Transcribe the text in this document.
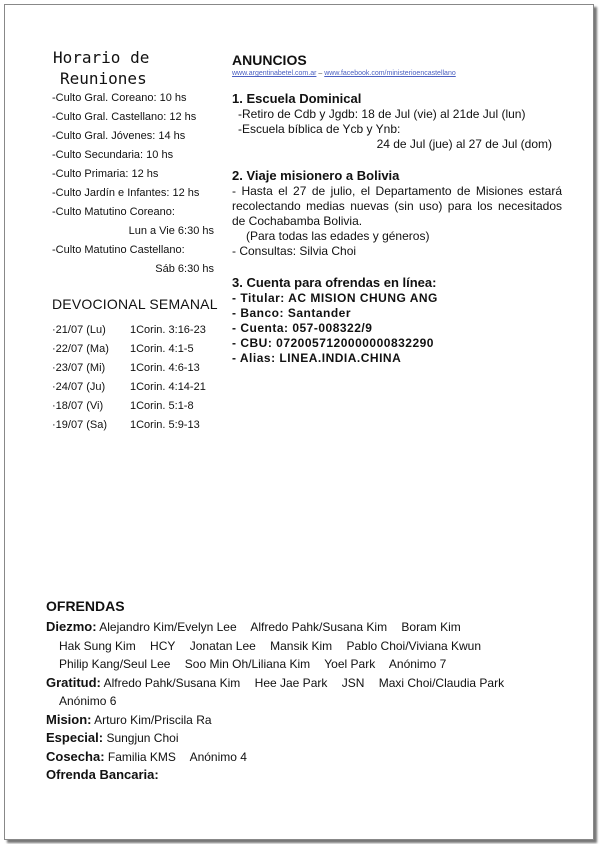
Horario de
Reuniones
-Culto Gral. Coreano: 10 hs
-Culto Gral. Castellano: 12 hs
-Culto Gral. Jóvenes: 14 hs
-Culto Secundaria: 10 hs
-Culto Primaria: 12 hs
-Culto Jardín e Infantes: 12 hs
-Culto Matutino Coreano:
Lun a Vie 6:30 hs
-Culto Matutino Castellano:
Sáb 6:30 hs
DEVOCIONAL SEMANAL
·21/07 (Lu) 1Corin. 3:16-23
·22/07 (Ma) 1Corin. 4:1-5
·23/07 (Mi) 1Corin. 4:6-13
·24/07 (Ju) 1Corin. 4:14-21
·18/07 (Vi) 1Corin. 5:1-8
·19/07 (Sa) 1Corin. 5:9-13
ANUNCIOS
www.argentinabetel.com.ar – www.facebook.com/ministerioencastellano
1. Escuela Dominical
-Retiro de Cdb y Jgdb: 18 de Jul (vie) al 21de Jul (lun)
-Escuela bíblica de Ycb y Ynb:
24 de Jul (jue) al 27 de Jul (dom)
2. Viaje misionero a Bolivia
- Hasta el 27 de julio, el Departamento de Misiones estará recolectando medias nuevas (sin uso) para los necesitados de Cochabamba Bolivia.
(Para todas las edades y géneros)
- Consultas: Silvia Choi
3. Cuenta para ofrendas en línea:
- Titular: AC MISION CHUNG ANG
- Banco: Santander
- Cuenta: 057-008322/9
- CBU: 0720057120000000832290
- Alias: LINEA.INDIA.CHINA
OFRENDAS
Diezmo: Alejandro Kim/Evelyn Lee Alfredo Pahk/Susana Kim Boram Kim
Hak Sung Kim HCY Jonatan Lee Mansik Kim Pablo Choi/Viviana Kwun
Philip Kang/Seul Lee Soo Min Oh/Liliana Kim Yoel Park Anónimo 7
Gratitud: Alfredo Pahk/Susana Kim Hee Jae Park JSN Maxi Choi/Claudia Park
Anónimo 6
Mision: Arturo Kim/Priscila Ra
Especial: Sungjun Choi
Cosecha: Familia KMS Anónimo 4
Ofrenda Bancaria:
